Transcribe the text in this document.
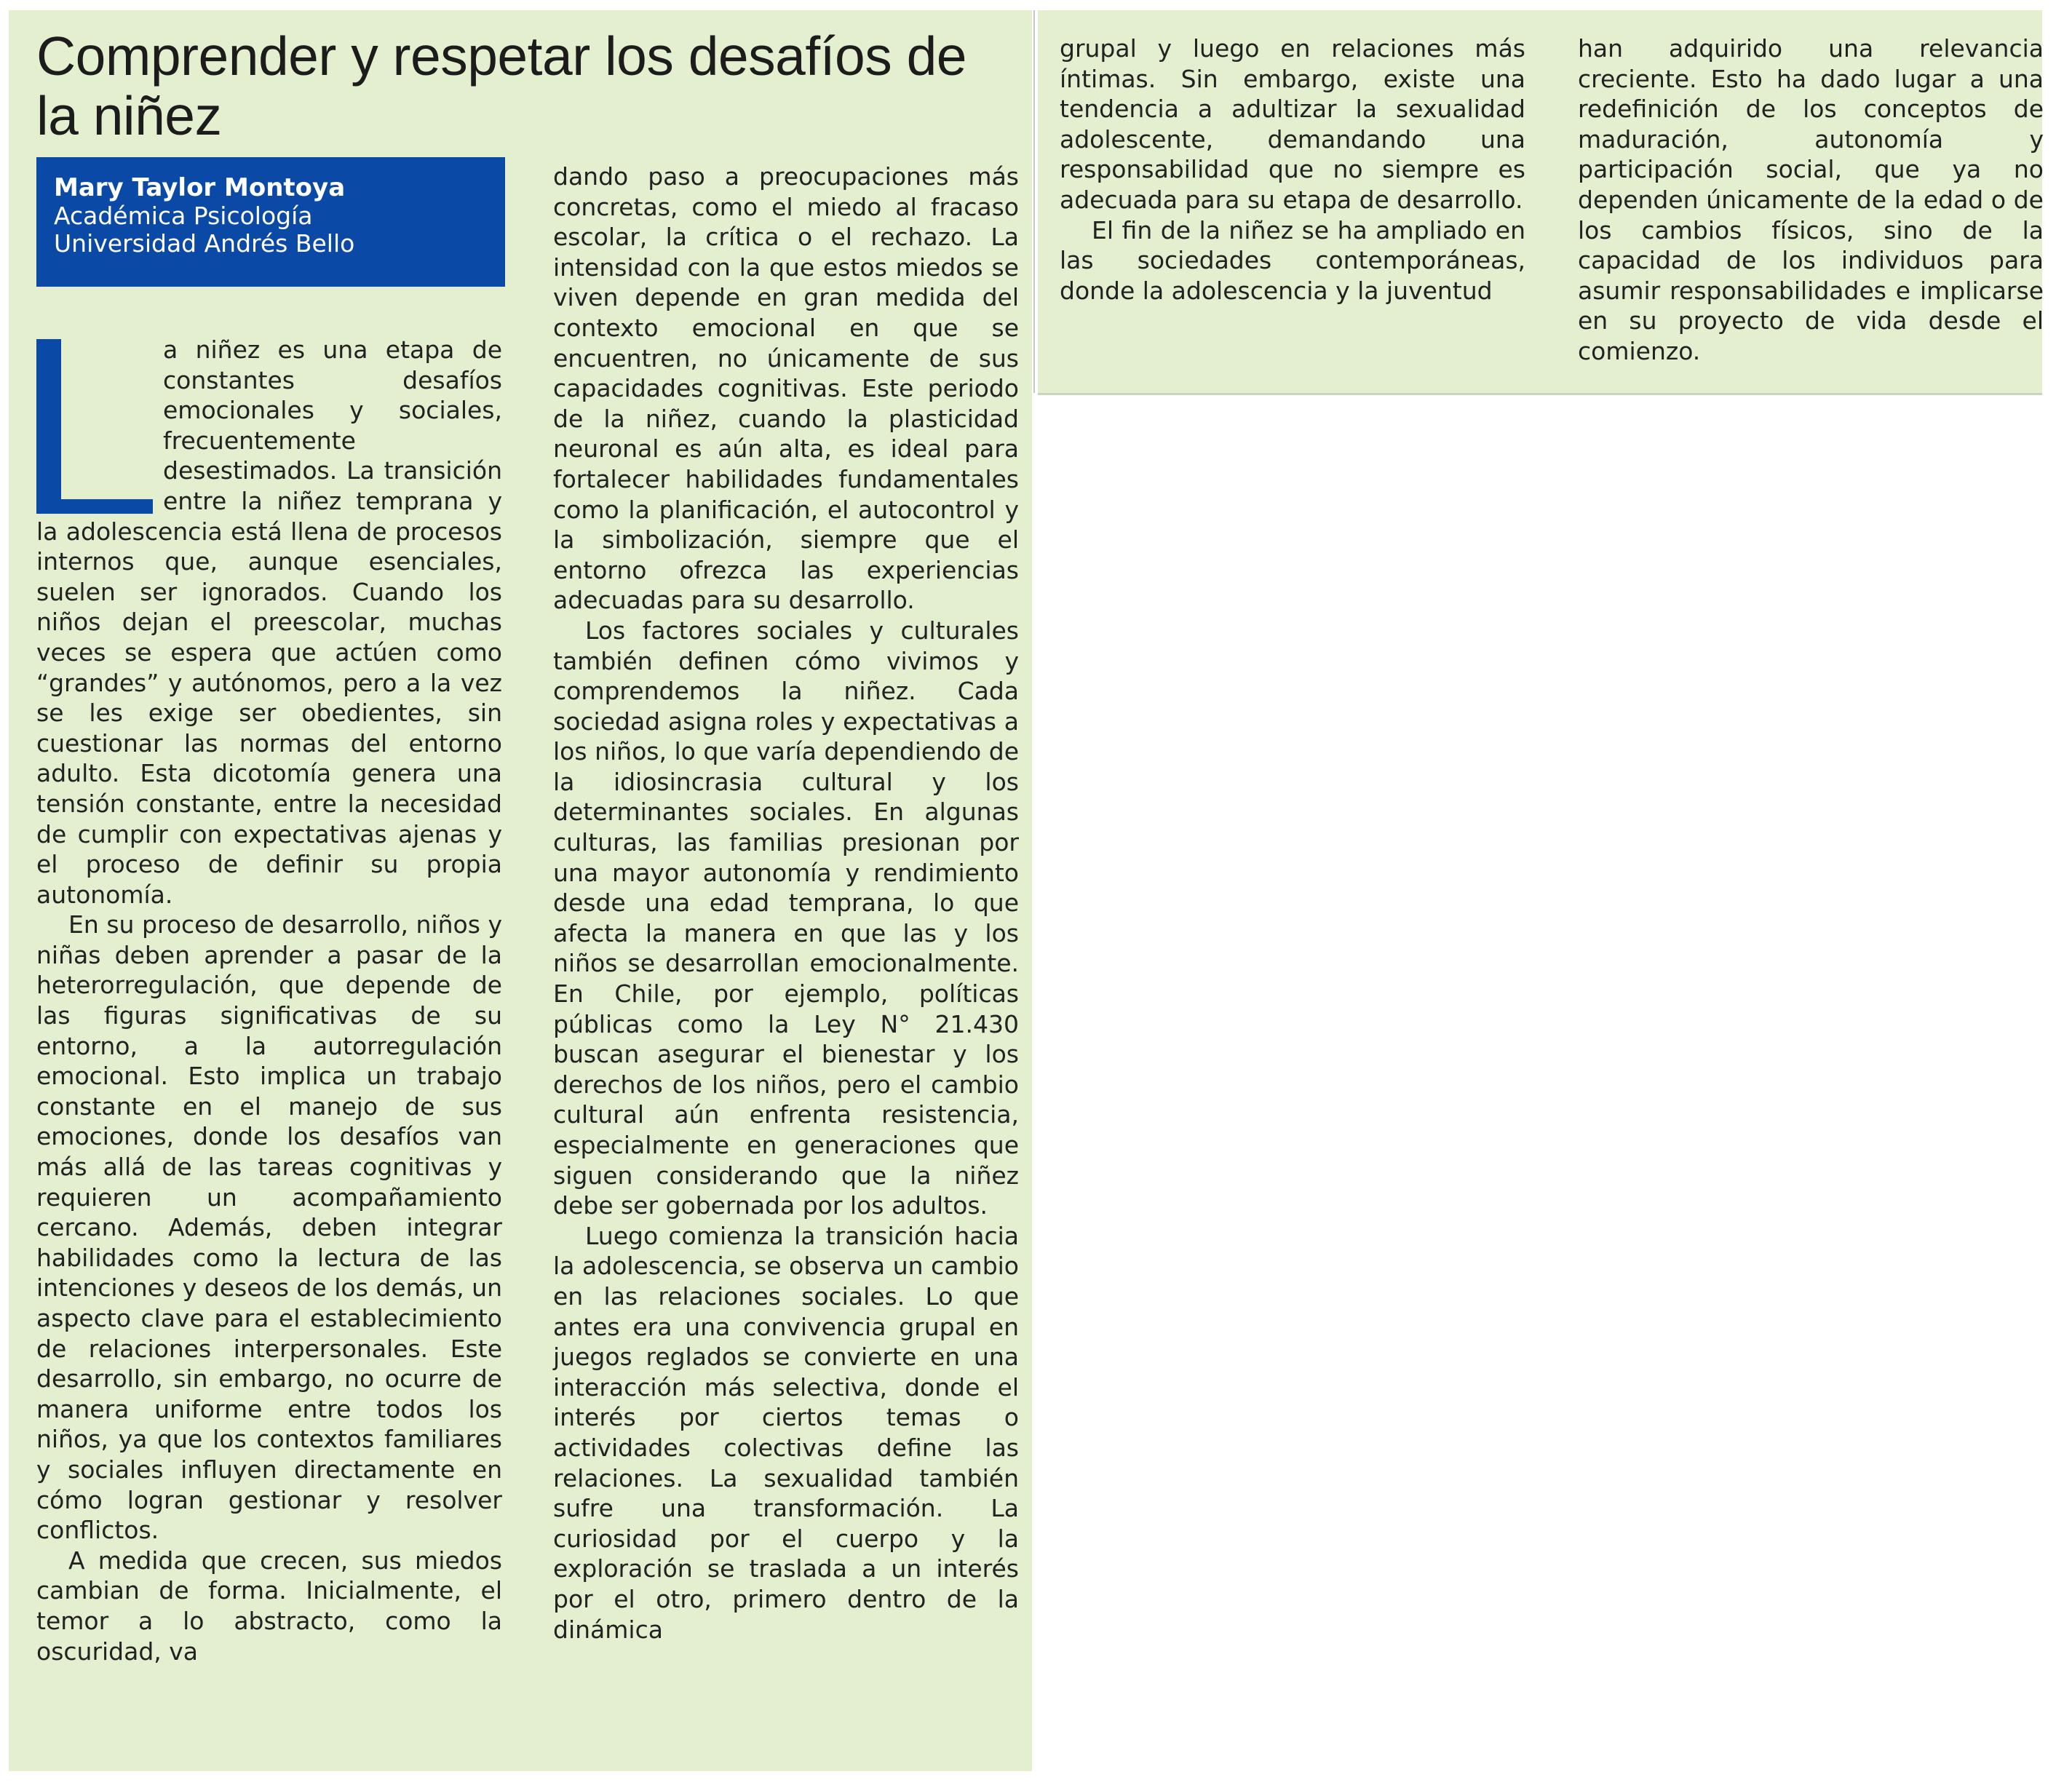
Comprender y respetar los desafíos de la niñez
Mary Taylor Montoya
Académica Psicología
Universidad Andrés Bello

a niñez es una etapa de constantes desafíos emocionales y sociales, frecuentemente desestimados. La transición entre la niñez temprana y la adolescencia está llena de procesos internos que, aunque esenciales, suelen ser ignorados. Cuando los niños dejan el preescolar, muchas veces se espera que actúen como “grandes” y autónomos, pero a la vez se les exige ser obedientes, sin cuestionar las normas del entorno adulto. Esta dicotomía genera una tensión constante, entre la necesidad de cumplir con expectativas ajenas y el proceso de definir su propia autonomía.

En su proceso de desarrollo, niños y niñas deben aprender a pasar de la heterorregulación, que depende de las figuras significativas de su entorno, a la autorregulación emocional. Esto implica un trabajo constante en el manejo de sus emociones, donde los desafíos van más allá de las tareas cognitivas y requieren un acompañamiento cercano. Además, deben integrar habilidades como la lectura de las intenciones y deseos de los demás, un aspecto clave para el establecimiento de relaciones interpersonales. Este desarrollo, sin embargo, no ocurre de manera uniforme entre todos los niños, ya que los contextos familiares y sociales influyen directamente en cómo logran gestionar y resolver conflictos.

A medida que crecen, sus miedos cambian de forma. Inicialmente, el temor a lo abstracto, como la oscuridad, va

dando paso a preocupaciones más concretas, como el miedo al fracaso escolar, la crítica o el rechazo. La intensidad con la que estos miedos se viven depende en gran medida del contexto emocional en que se encuentren, no únicamente de sus capacidades cognitivas. Este periodo de la niñez, cuando la plasticidad neuronal es aún alta, es ideal para fortalecer habilidades fundamentales como la planificación, el autocontrol y la simbolización, siempre que el entorno ofrezca las experiencias adecuadas para su desarrollo.

Los factores sociales y culturales también definen cómo vivimos y comprendemos la niñez. Cada sociedad asigna roles y expectativas a los niños, lo que varía dependiendo de la idiosincrasia cultural y los determinantes sociales. En algunas culturas, las familias presionan por una mayor autonomía y rendimiento desde una edad temprana, lo que afecta la manera en que las y los niños se desarrollan emocionalmente. En Chile, por ejemplo, políticas públicas como la Ley N° 21.430 buscan asegurar el bienestar y los derechos de los niños, pero el cambio cultural aún enfrenta resistencia, especialmente en generaciones que siguen considerando que la niñez debe ser gobernada por los adultos.

Luego comienza la transición hacia la adolescencia, se observa un cambio en las relaciones sociales. Lo que antes era una convivencia grupal en juegos reglados se convierte en una interacción más selectiva, donde el interés por ciertos temas o actividades colectivas define las relaciones. La sexualidad también sufre una transformación. La curiosidad por el cuerpo y la exploración se traslada a un interés por el otro, primero dentro de la dinámica

grupal y luego en relaciones más íntimas. Sin embargo, existe una tendencia a adultizar la sexualidad adolescente, demandando una responsabilidad que no siempre es adecuada para su etapa de desarrollo.

El fin de la niñez se ha ampliado en las sociedades contemporáneas, donde la adolescencia y la juventud

han adquirido una relevancia creciente. Esto ha dado lugar a una redefinición de los conceptos de maduración, autonomía y participación social, que ya no dependen únicamente de la edad o de los cambios físicos, sino de la capacidad de los individuos para asumir responsabilidades e implicarse en su proyecto de vida desde el comienzo.
